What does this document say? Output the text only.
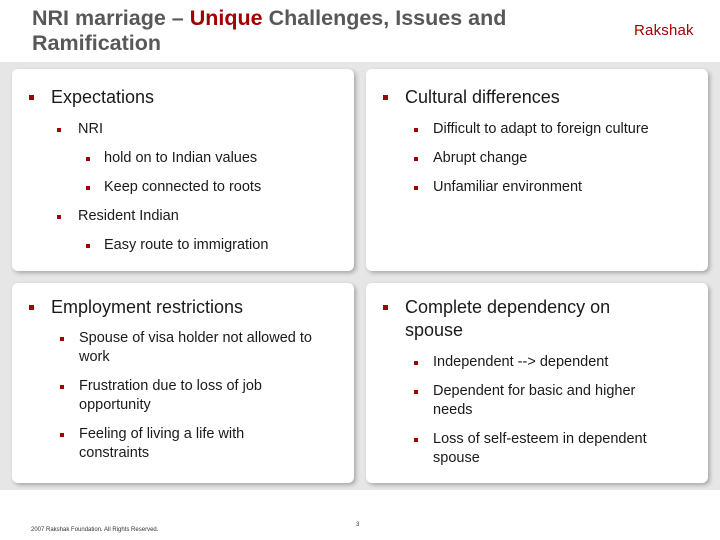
NRI marriage – Unique Challenges, Issues and Ramification
Rakshak
Expectations
NRI
hold on to Indian values
Keep connected to roots
Resident Indian
Easy route to immigration
Cultural differences
Difficult to adapt to foreign culture
Abrupt change
Unfamiliar environment
Employment restrictions
Spouse of visa holder not allowed to work
Frustration due to loss of job opportunity
Feeling of living a life with constraints
Complete dependency on spouse
Independent --> dependent
Dependent for basic and higher needs
Loss of self-esteem in dependent spouse
2007 Rakshak Foundation. All Rights Reserved.
3
